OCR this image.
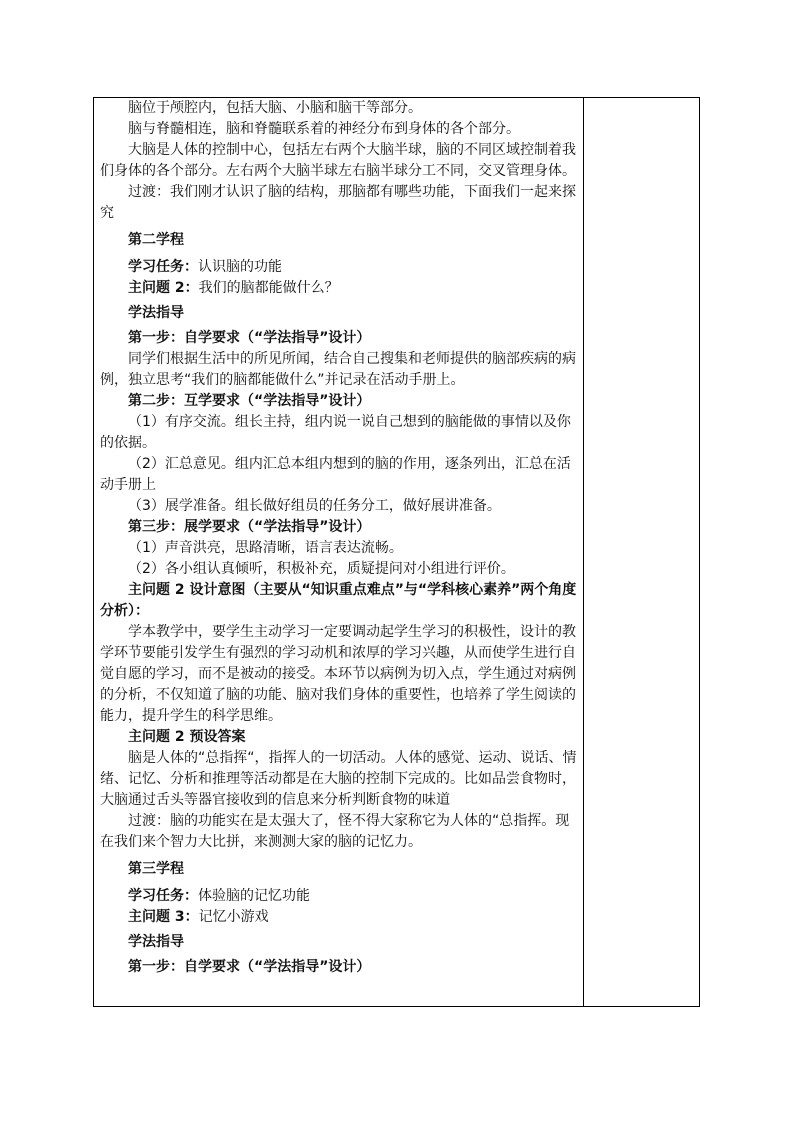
脑位于颅腔内，包括大脑、小脑和脑干等部分。

脑与脊髓相连，脑和脊髓联系着的神经分布到身体的各个部分。

大脑是人体的控制中心，包括左右两个大脑半球，脑的不同区域控制着我们身体的各个部分。左右两个大脑半球左右脑半球分工不同，交叉管理身体。

过渡：我们刚才认识了脑的结构，那脑都有哪些功能，下面我们一起来探究

第二学程

学习任务：认识脑的功能

主问题 2：我们的脑都能做什么？

学法指导

第一步：自学要求（“学法指导”设计）

同学们根据生活中的所见所闻，结合自己搜集和老师提供的脑部疾病的病例，独立思考“我们的脑都能做什么”并记录在活动手册上。

第二步：互学要求（“学法指导”设计）

（1）有序交流。组长主持，组内说一说自己想到的脑能做的事情以及你的依据。

（2）汇总意见。组内汇总本组内想到的脑的作用，逐条列出，汇总在活动手册上

（3）展学准备。组长做好组员的任务分工，做好展讲准备。

第三步：展学要求（“学法指导”设计）

（1）声音洪亮，思路清晰，语言表达流畅。

（2）各小组认真倾听，积极补充，质疑提问对小组进行评价。

主问题 2 设计意图（主要从“知识重点难点”与“学科核心素养”两个角度分析）：

学本教学中，要学生主动学习一定要调动起学生学习的积极性，设计的教学环节要能引发学生有强烈的学习动机和浓厚的学习兴趣，从而使学生进行自觉自愿的学习，而不是被动的接受。本环节以病例为切入点，学生通过对病例的分析，不仅知道了脑的功能、脑对我们身体的重要性，也培养了学生阅读的能力，提升学生的科学思维。

主问题 2 预设答案

脑是人体的“总指挥“，指挥人的一切活动。人体的感觉、运动、说话、情绪、记忆、分析和推理等活动都是在大脑的控制下完成的。比如品尝食物时，大脑通过舌头等器官接收到的信息来分析判断食物的味道

过渡：脑的功能实在是太强大了，怪不得大家称它为人体的“总指挥。现在我们来个智力大比拼，来测测大家的脑的记忆力。

第三学程

学习任务：体验脑的记忆功能

主问题 3：记忆小游戏

学法指导

第一步：自学要求（“学法指导”设计）
